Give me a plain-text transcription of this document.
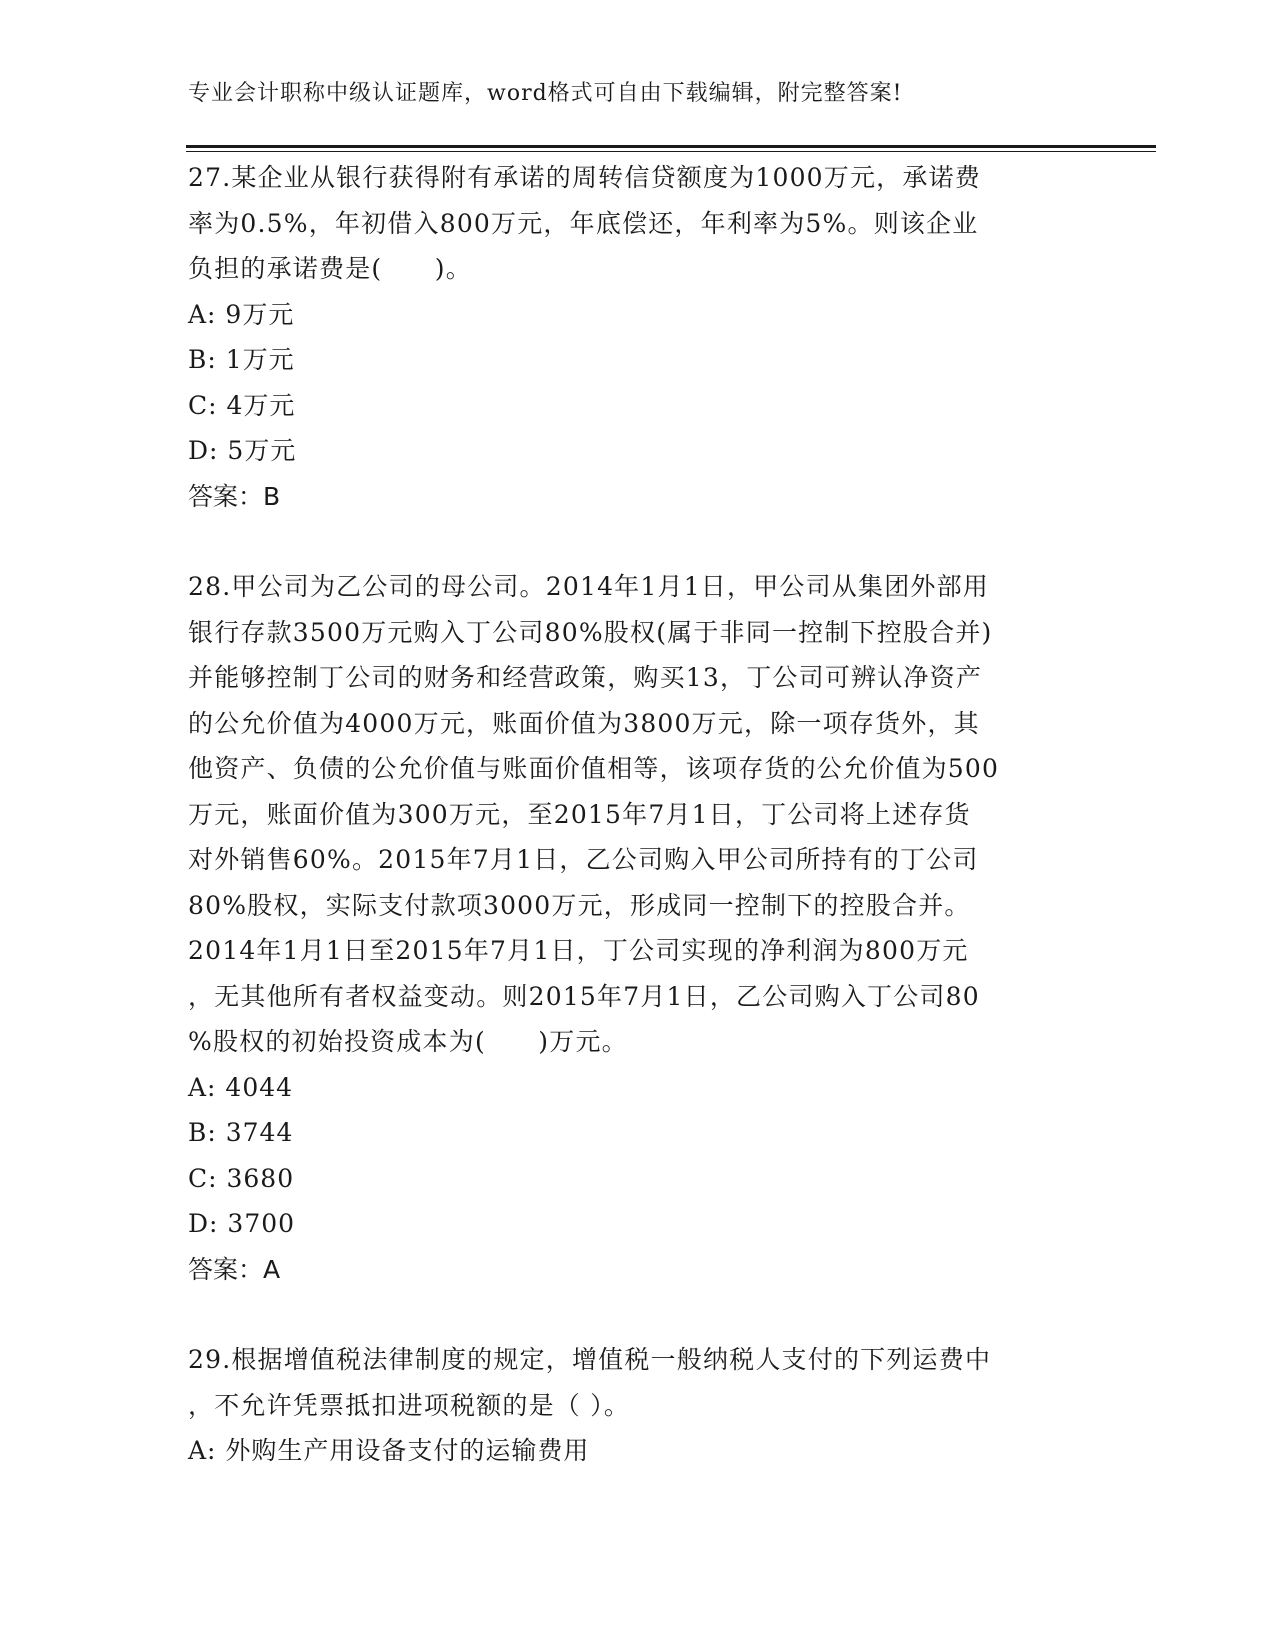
专业会计职称中级认证题库，word格式可自由下载编辑，附完整答案!

27.某企业从银行获得附有承诺的周转信贷额度为1000万元，承诺费

率为0.5%，年初借入800万元，年底偿还，年利率为5%。则该企业

负担的承诺费是(　　)。

A: 9万元

B: 1万元

C: 4万元

D: 5万元

答案：B

28.甲公司为乙公司的母公司。2014年1月1日，甲公司从集团外部用

银行存款3500万元购入丁公司80%股权(属于非同一控制下控股合并)

并能够控制丁公司的财务和经营政策，购买13，丁公司可辨认净资产

的公允价值为4000万元，账面价值为3800万元，除一项存货外，其

他资产、负债的公允价值与账面价值相等，该项存货的公允价值为500

万元，账面价值为300万元，至2015年7月1日，丁公司将上述存货

对外销售60%。2015年7月1日，乙公司购入甲公司所持有的丁公司

80%股权，实际支付款项3000万元，形成同一控制下的控股合并。

2014年1月1日至2015年7月1日，丁公司实现的净利润为800万元

，无其他所有者权益变动。则2015年7月1日，乙公司购入丁公司80

%股权的初始投资成本为(　　)万元。

A: 4044

B: 3744

C: 3680

D: 3700

答案：A

29.根据增值税法律制度的规定，增值税一般纳税人支付的下列运费中

，不允许凭票抵扣进项税额的是（ ）。

A: 外购生产用设备支付的运输费用
